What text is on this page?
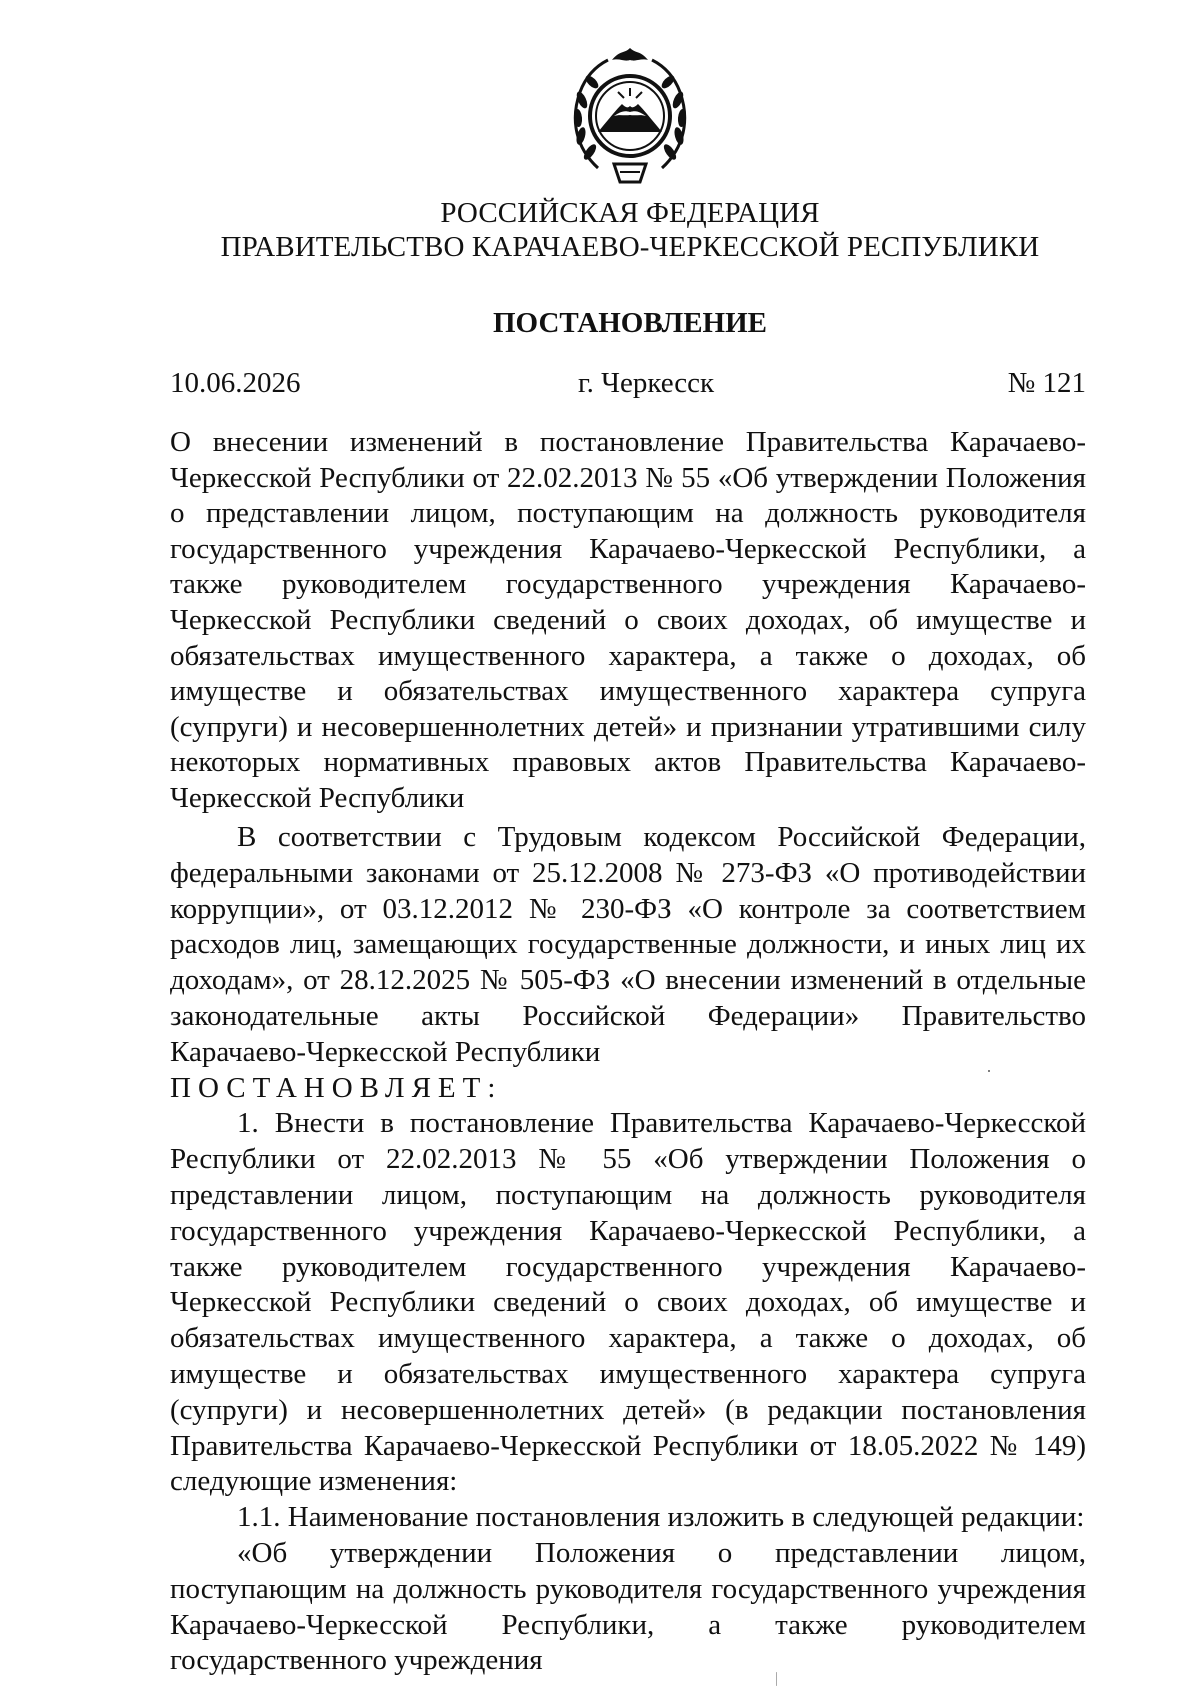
РОССИЙСКАЯ ФЕДЕРАЦИЯ
ПРАВИТЕЛЬСТВО КАРАЧАЕВО-ЧЕРКЕССКОЙ РЕСПУБЛИКИ
ПОСТАНОВЛЕНИЕ
10.06.2026	г. Черкесск	№ 121
О внесении изменений в постановление Правительства Карачаево-Черкесской Республики от 22.02.2013 № 55 «Об утверждении Положения о представлении лицом, поступающим на должность руководителя государственного учреждения Карачаево-Черкесской Республики, а также руководителем государственного учреждения Карачаево-Черкесской Республики сведений о своих доходах, об имуществе и обязательствах имущественного характера, а также о доходах, об имуществе и обязательствах имущественного характера супруга (супруги) и несовершеннолетних детей» и признании утратившими силу некоторых нормативных правовых актов Правительства Карачаево-Черкесской Республики

В соответствии с Трудовым кодексом Российской Федерации, федеральными законами от 25.12.2008 № 273-ФЗ «О противодействии коррупции», от 03.12.2012 № 230-ФЗ «О контроле за соответствием расходов лиц, замещающих государственные должности, и иных лиц их доходам», от 28.12.2025 № 505-ФЗ «О внесении изменений в отдельные законодательные акты Российской Федерации» Правительство Карачаево-Черкесской Республики

ПОСТАНОВЛЯЕТ:

1. Внести в постановление Правительства Карачаево-Черкесской Республики от 22.02.2013 № 55 «Об утверждении Положения о представлении лицом, поступающим на должность руководителя государственного учреждения Карачаево-Черкесской Республики, а также руководителем государственного учреждения Карачаево-Черкесской Республики сведений о своих доходах, об имуществе и обязательствах имущественного характера, а также о доходах, об имуществе и обязательствах имущественного характера супруга (супруги) и несовершеннолетних детей» (в редакции постановления Правительства Карачаево-Черкесской Республики от 18.05.2022 № 149) следующие изменения:

1.1. Наименование постановления изложить в следующей редакции:

«Об утверждении Положения о представлении лицом, поступающим на должность руководителя государственного учреждения Карачаево-Черкесской Республики, а также руководителем государственного учреждения
